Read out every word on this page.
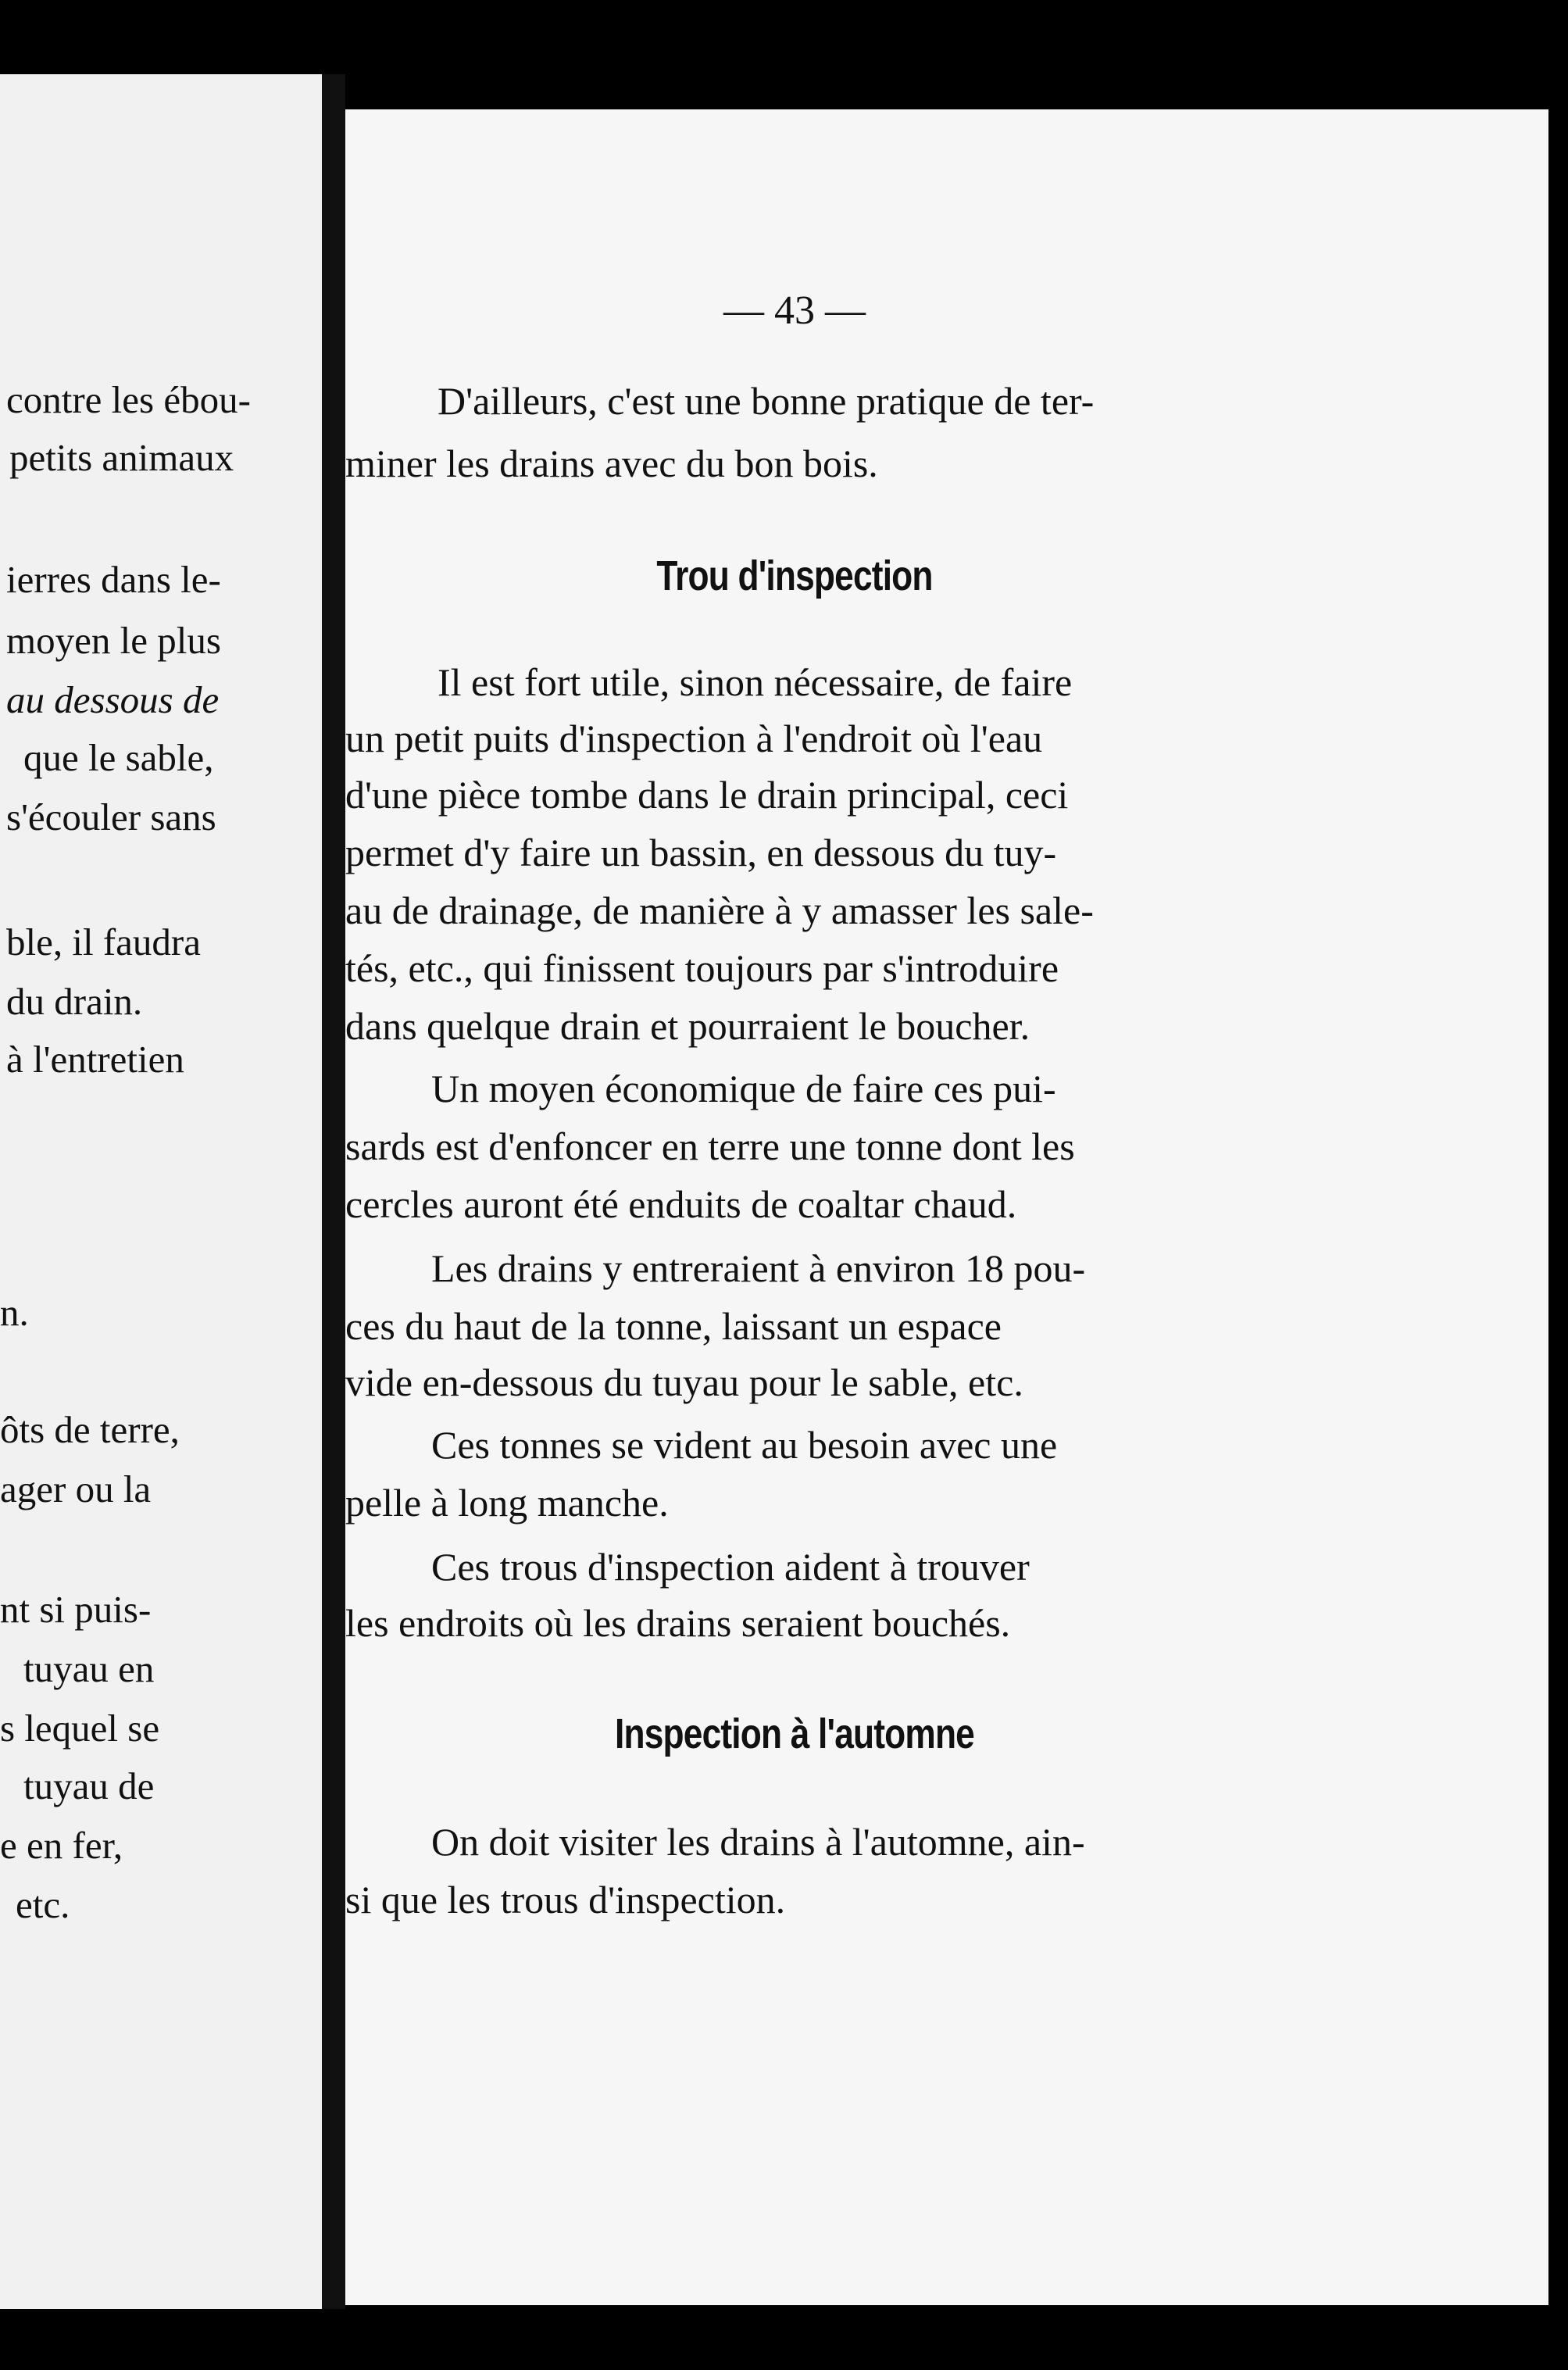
contre les ébou-
petits animaux
ierres dans le-
moyen le plus
au dessous de
que le sable,
s'écouler sans
ble, il faudra
du drain.
à l'entretien
n.
ôts de terre,
ager ou la
nt si puis-
tuyau en
s lequel se
tuyau de
e en fer,
etc.
— 43 —
D'ailleurs, c'est une bonne pratique de ter-
miner les drains avec du bon bois.
Trou d'inspection
Il est fort utile, sinon nécessaire, de faire
un petit puits d'inspection à l'endroit où l'eau
d'une pièce tombe dans le drain principal, ceci
permet d'y faire un bassin, en dessous du tuy-
au de drainage, de manière à y amasser les sale-
tés, etc., qui finissent toujours par s'introduire
dans quelque drain et pourraient le boucher.
Un moyen économique de faire ces pui-
sards est d'enfoncer en terre une tonne dont les
cercles auront été enduits de coaltar chaud.
Les drains y entreraient à environ 18 pou-
ces du haut de la tonne, laissant un espace
vide en-dessous du tuyau pour le sable, etc.
Ces tonnes se vident au besoin avec une
pelle à long manche.
Ces trous d'inspection aident à trouver
les endroits où les drains seraient bouchés.
Inspection à l'automne
On doit visiter les drains à l'automne, ain-
si que les trous d'inspection.
